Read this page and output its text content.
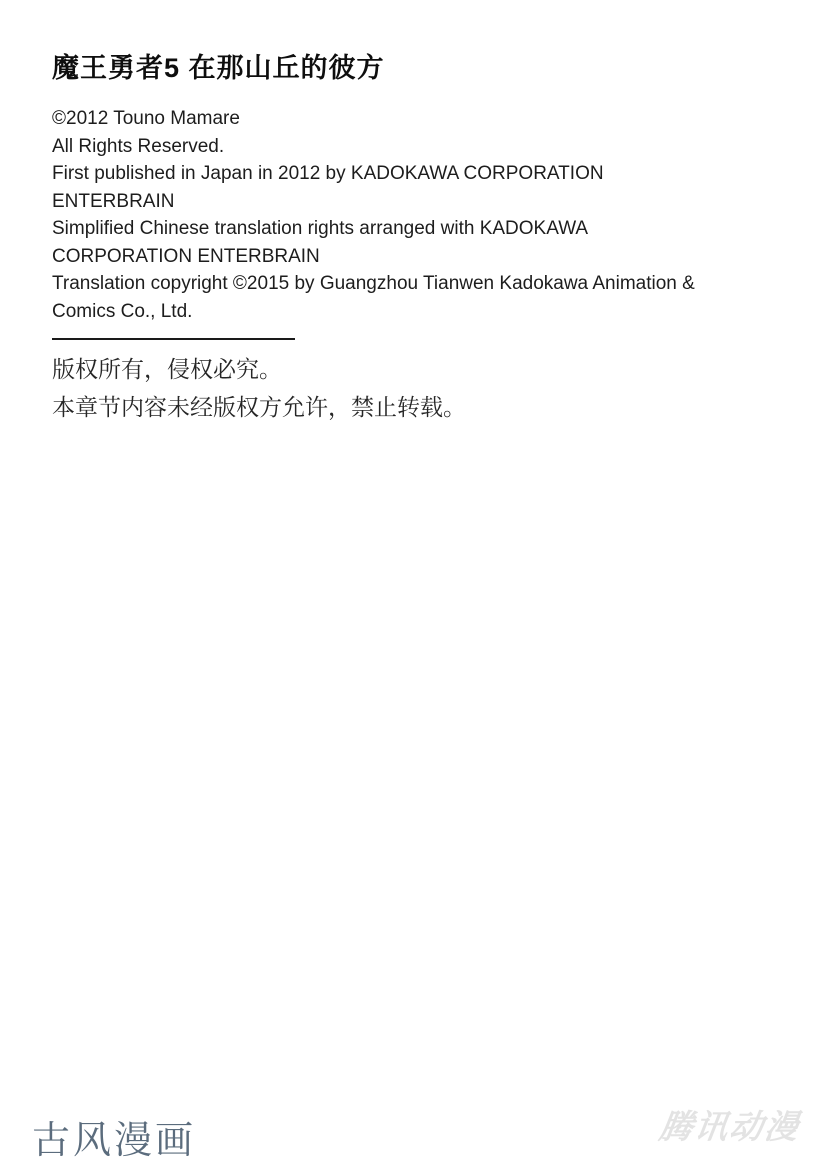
魔王勇者5 在那山丘的彼方
©2012 Touno Mamare
All Rights Reserved.
First published in Japan in 2012 by KADOKAWA CORPORATION
ENTERBRAIN
Simplified Chinese translation rights arranged with KADOKAWA
CORPORATION ENTERBRAIN
Translation copyright ©2015 by Guangzhou Tianwen Kadokawa Animation &
Comics Co., Ltd.
版权所有，侵权必究。
本章节内容未经版权方允许，禁止转载。
古风漫画	腾讯动漫
